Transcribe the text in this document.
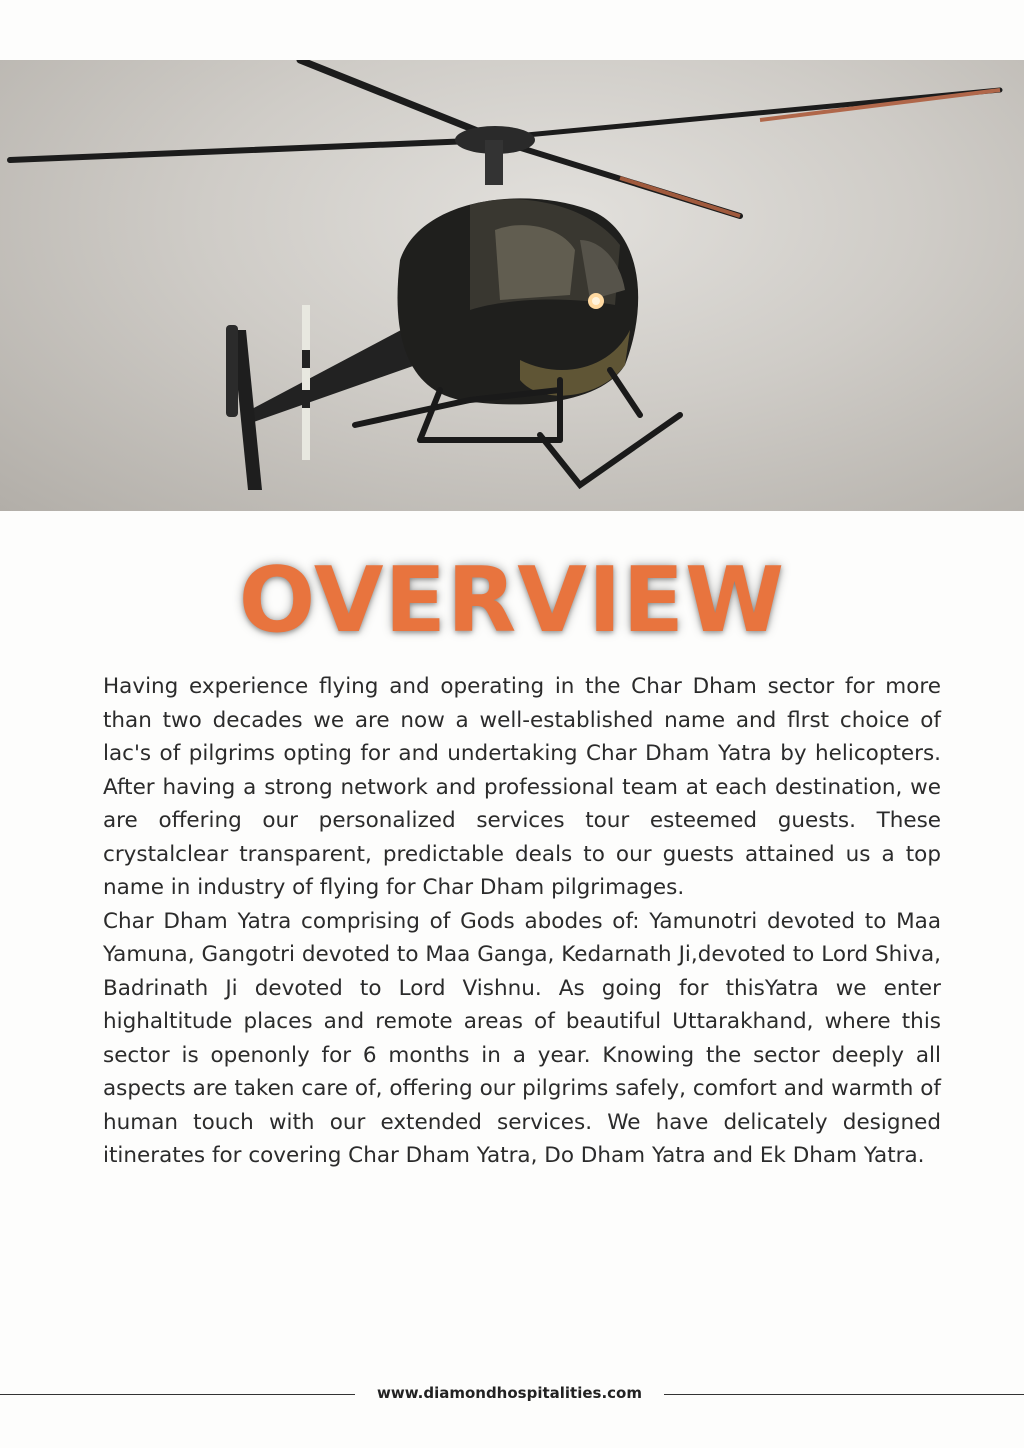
OVERVIEW

Having experience flying and operating in the Char Dham sector for more than two decades we are now a well-established name and flrst choice of lac's of pilgrims opting for and undertaking Char Dham Yatra by helicopters. After having a strong network and professional team at each destination, we are offering our personalized services tour esteemed guests. These crystalclear transparent, predictable deals to our guests attained us a top name in industry of flying for Char Dham pilgrimages.

Char Dham Yatra comprising of Gods abodes of: Yamunotri devoted to Maa Yamuna, Gangotri devoted to Maa Ganga, Kedarnath Ji,devoted to Lord Shiva, Badrinath Ji devoted to Lord Vishnu. As going for thisYatra we enter highaltitude places and remote areas of beautiful Uttarakhand, where this sector is openonly for 6 months in a year. Knowing the sector deeply all aspects are taken care of, offering our pilgrims safely, comfort and warmth of human touch with our extended services. We have delicately designed itinerates for covering Char Dham Yatra, Do Dham Yatra and Ek Dham Yatra.

www.diamondhospitalities.com
